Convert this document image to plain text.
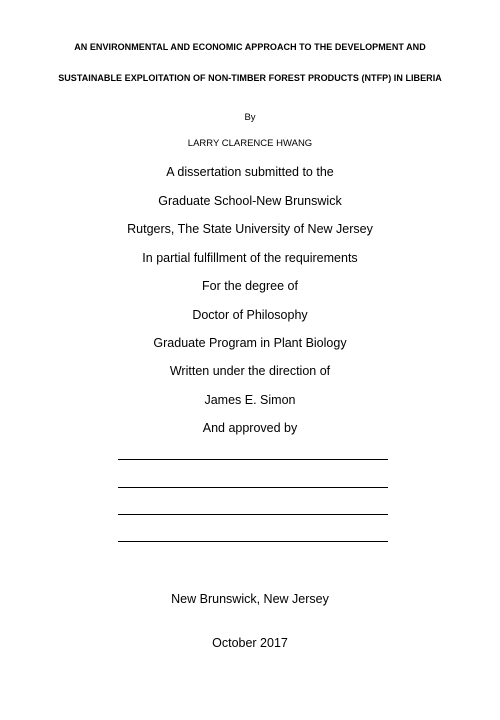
AN ENVIRONMENTAL AND ECONOMIC APPROACH TO THE DEVELOPMENT AND
SUSTAINABLE EXPLOITATION OF NON-TIMBER FOREST PRODUCTS (NTFP) IN LIBERIA
By
LARRY CLARENCE HWANG
A dissertation submitted to the
Graduate School-New Brunswick
Rutgers, The State University of New Jersey
In partial fulfillment of the requirements
For the degree of
Doctor of Philosophy
Graduate Program in Plant Biology
Written under the direction of
James E. Simon
And approved by
New Brunswick, New Jersey
October 2017
